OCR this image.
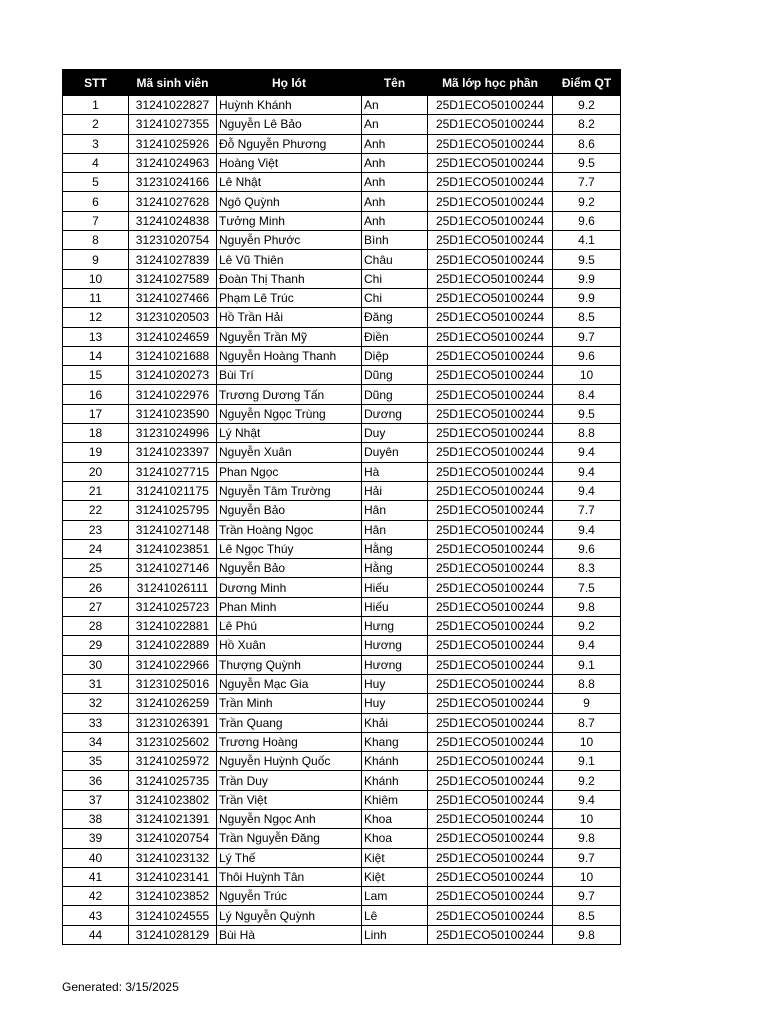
STT	Mã sinh viên	Họ lót	Tên	Mã lớp học phần	Điểm QT
1	31241022827	Huỳnh Khánh	An	25D1ECO50100244	9.2
2	31241027355	Nguyễn Lê Bảo	An	25D1ECO50100244	8.2
3	31241025926	Đỗ Nguyễn Phương	Anh	25D1ECO50100244	8.6
4	31241024963	Hoàng Việt	Anh	25D1ECO50100244	9.5
5	31231024166	Lê Nhật	Anh	25D1ECO50100244	7.7
6	31241027628	Ngô Quỳnh	Anh	25D1ECO50100244	9.2
7	31241024838	Tưởng Minh	Anh	25D1ECO50100244	9.6
8	31231020754	Nguyễn Phước	Bình	25D1ECO50100244	4.1
9	31241027839	Lê Vũ Thiên	Châu	25D1ECO50100244	9.5
10	31241027589	Đoàn Thị Thanh	Chi	25D1ECO50100244	9.9
11	31241027466	Phạm Lê Trúc	Chi	25D1ECO50100244	9.9
12	31231020503	Hồ Trần Hải	Đăng	25D1ECO50100244	8.5
13	31241024659	Nguyễn Trần Mỹ	Điền	25D1ECO50100244	9.7
14	31241021688	Nguyễn Hoàng Thanh	Diệp	25D1ECO50100244	9.6
15	31241020273	Bùi Trí	Dũng	25D1ECO50100244	10
16	31241022976	Trương Dương Tấn	Dũng	25D1ECO50100244	8.4
17	31241023590	Nguyễn Ngọc Trùng	Dương	25D1ECO50100244	9.5
18	31231024996	Lý Nhật	Duy	25D1ECO50100244	8.8
19	31241023397	Nguyễn Xuân	Duyên	25D1ECO50100244	9.4
20	31241027715	Phan Ngọc	Hà	25D1ECO50100244	9.4
21	31241021175	Nguyễn Tâm Trường	Hải	25D1ECO50100244	9.4
22	31241025795	Nguyễn Bảo	Hân	25D1ECO50100244	7.7
23	31241027148	Trần Hoàng Ngọc	Hân	25D1ECO50100244	9.4
24	31241023851	Lê Ngọc Thúy	Hằng	25D1ECO50100244	9.6
25	31241027146	Nguyễn Bảo	Hằng	25D1ECO50100244	8.3
26	31241026111	Dương Minh	Hiếu	25D1ECO50100244	7.5
27	31241025723	Phan Minh	Hiếu	25D1ECO50100244	9.8
28	31241022881	Lê Phú	Hưng	25D1ECO50100244	9.2
29	31241022889	Hồ Xuân	Hương	25D1ECO50100244	9.4
30	31241022966	Thượng Quỳnh	Hương	25D1ECO50100244	9.1
31	31231025016	Nguyễn Mạc Gia	Huy	25D1ECO50100244	8.8
32	31241026259	Trần Minh	Huy	25D1ECO50100244	9
33	31231026391	Trần Quang	Khải	25D1ECO50100244	8.7
34	31231025602	Trương Hoàng	Khang	25D1ECO50100244	10
35	31241025972	Nguyễn Huỳnh Quốc	Khánh	25D1ECO50100244	9.1
36	31241025735	Trần Duy	Khánh	25D1ECO50100244	9.2
37	31241023802	Trần Việt	Khiêm	25D1ECO50100244	9.4
38	31241021391	Nguyễn Ngọc Anh	Khoa	25D1ECO50100244	10
39	31241020754	Trần Nguyễn Đăng	Khoa	25D1ECO50100244	9.8
40	31241023132	Lý Thế	Kiệt	25D1ECO50100244	9.7
41	31241023141	Thôi Huỳnh Tân	Kiệt	25D1ECO50100244	10
42	31241023852	Nguyễn Trúc	Lam	25D1ECO50100244	9.7
43	31241024555	Lý Nguyễn Quỳnh	Lê	25D1ECO50100244	8.5
44	31241028129	Bùi Hà	Linh	25D1ECO50100244	9.8
Generated: 3/15/2025
